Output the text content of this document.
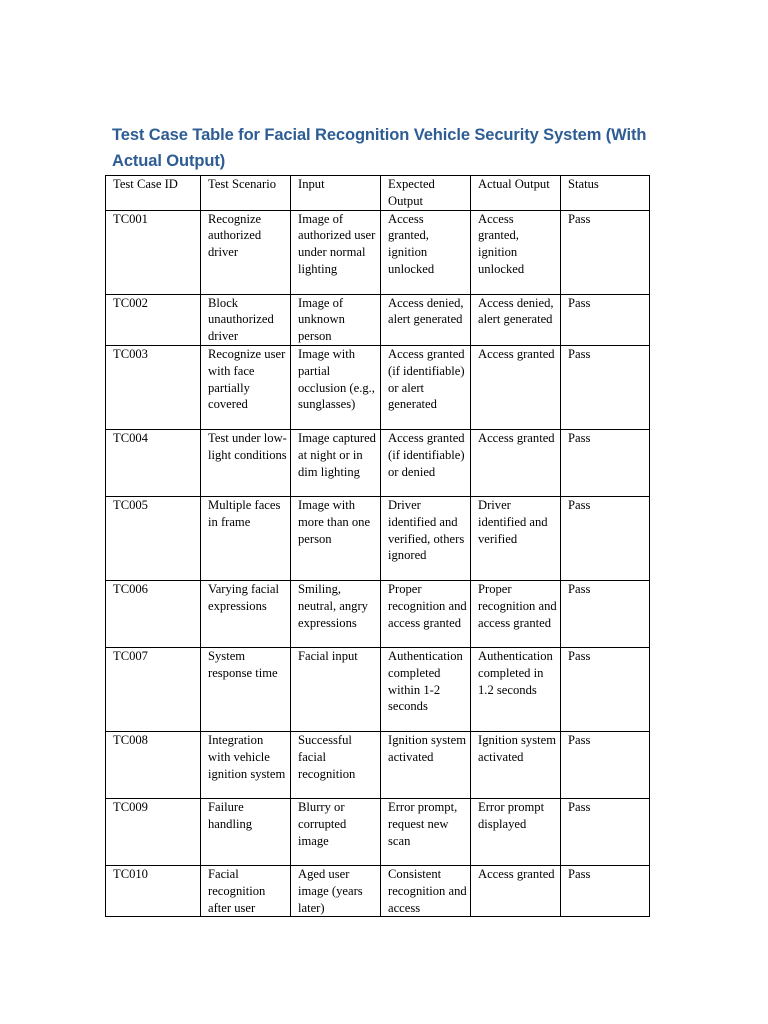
Test Case Table for Facial Recognition Vehicle Security System (With Actual Output)
Test Case ID	Test Scenario	Input	Expected Output	Actual Output	Status
TC001	Recognize authorized driver	Image of authorized user under normal lighting	Access granted, ignition unlocked	Access granted, ignition unlocked	Pass
TC002	Block unauthorized driver	Image of unknown person	Access denied, alert generated	Access denied, alert generated	Pass
TC003	Recognize user with face partially covered	Image with partial occlusion (e.g., sunglasses)	Access granted (if identifiable) or alert generated	Access granted	Pass
TC004	Test under low-light conditions	Image captured at night or in dim lighting	Access granted (if identifiable) or denied	Access granted	Pass
TC005	Multiple faces in frame	Image with more than one person	Driver identified and verified, others ignored	Driver identified and verified	Pass
TC006	Varying facial expressions	Smiling, neutral, angry expressions	Proper recognition and access granted	Proper recognition and access granted	Pass
TC007	System response time	Facial input	Authentication completed within 1-2 seconds	Authentication completed in 1.2 seconds	Pass
TC008	Integration with vehicle ignition system	Successful facial recognition	Ignition system activated	Ignition system activated	Pass
TC009	Failure handling	Blurry or corrupted image	Error prompt, request new scan	Error prompt displayed	Pass
TC010	Facial recognition after user	Aged user image (years later)	Consistent recognition and access	Access granted	Pass
